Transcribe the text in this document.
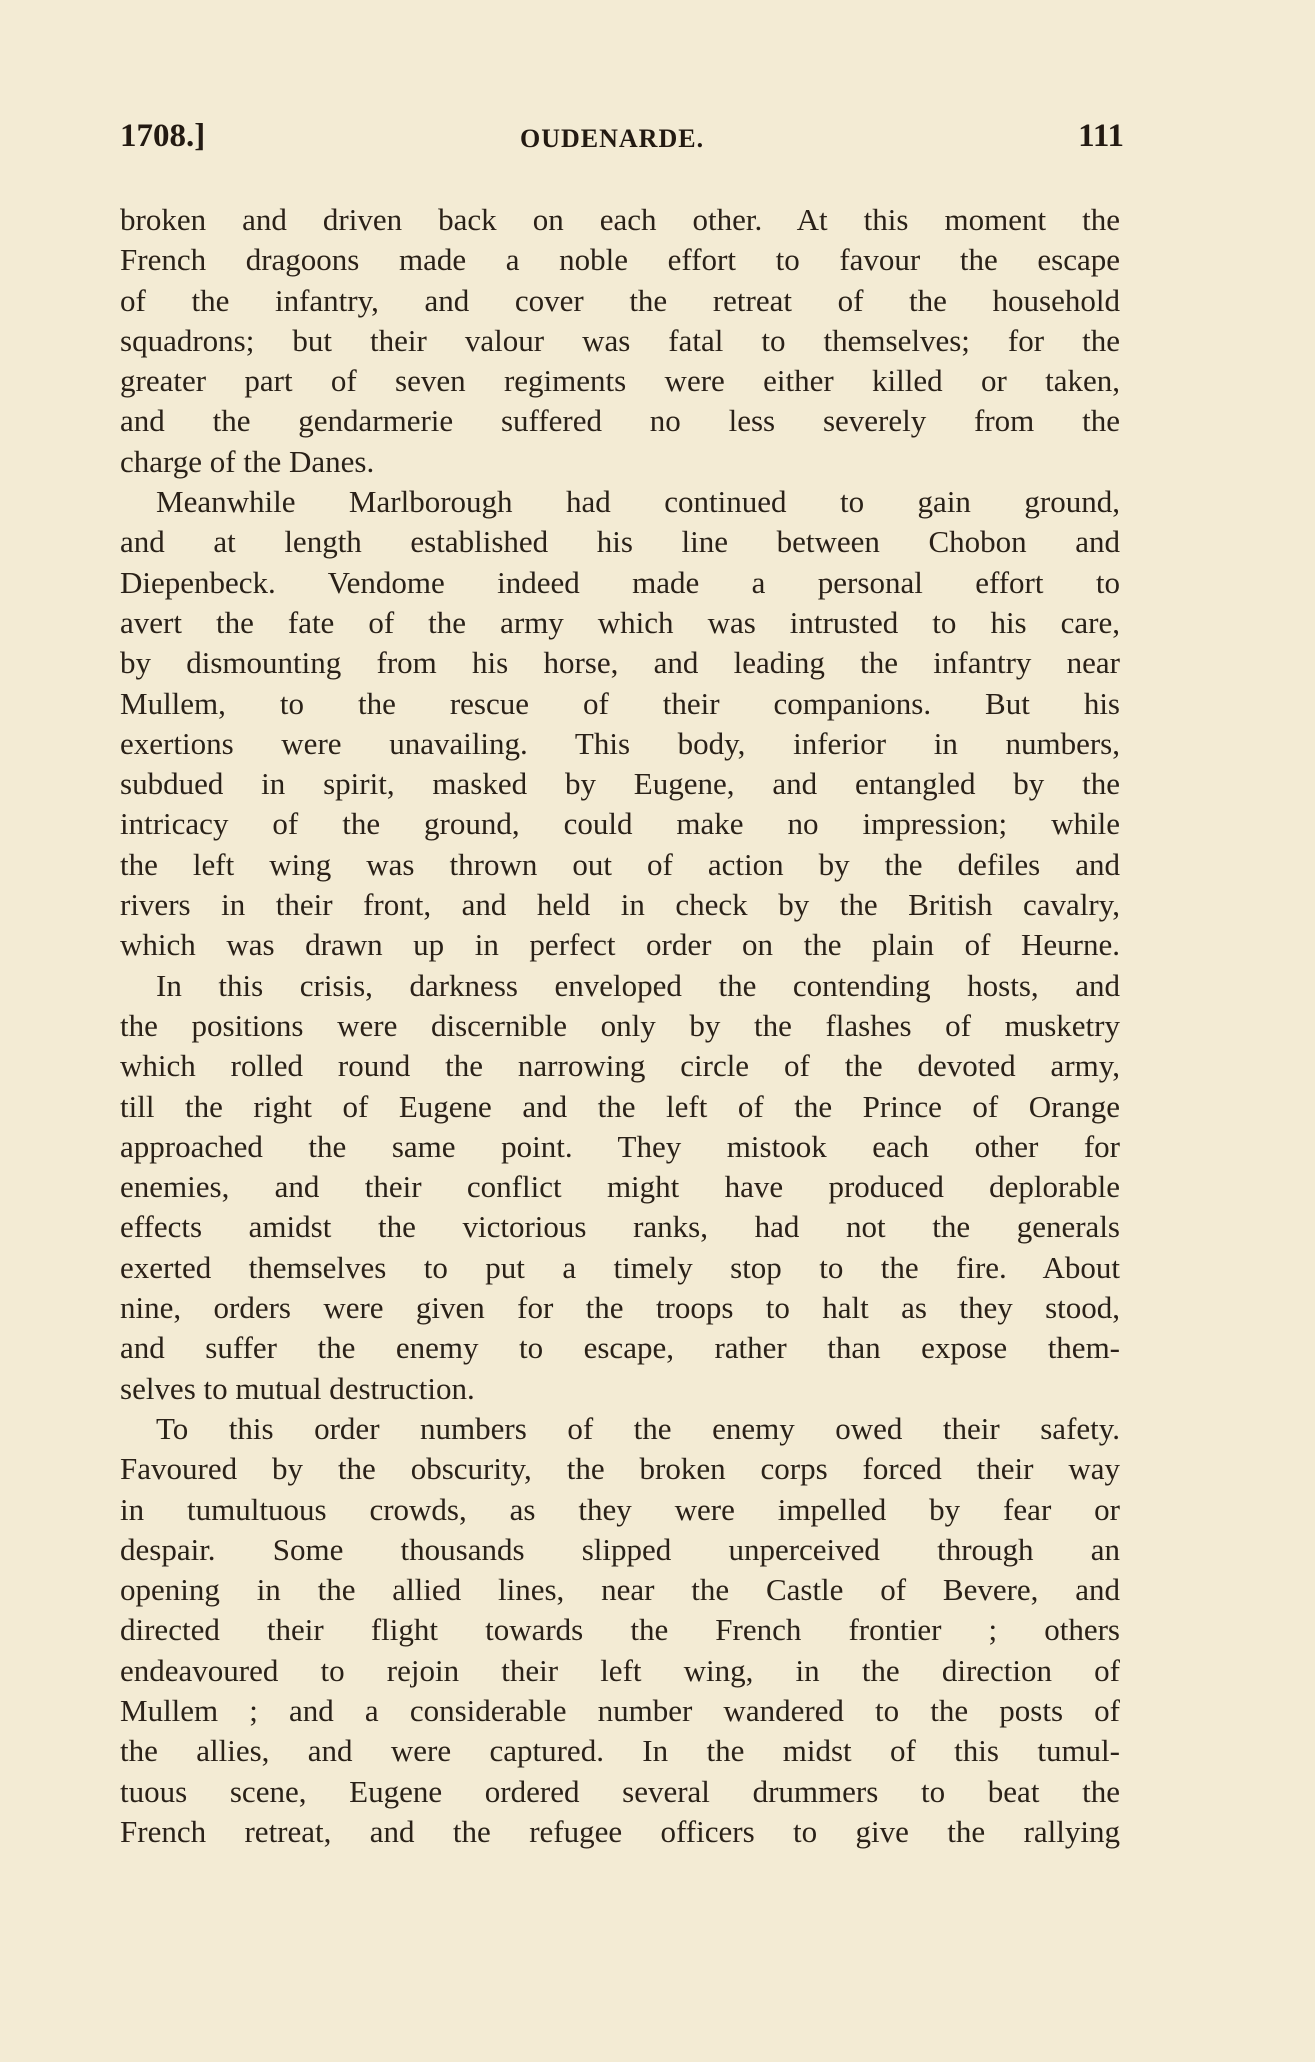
1708.]	OUDENARDE.	111
broken and driven back on each other. At this moment the
French dragoons made a noble effort to favour the escape
of the infantry, and cover the retreat of the household
squadrons; but their valour was fatal to themselves; for the
greater part of seven regiments were either killed or taken,
and the gendarmerie suffered no less severely from the
charge of the Danes.
Meanwhile Marlborough had continued to gain ground,
and at length established his line between Chobon and
Diepenbeck. Vendome indeed made a personal effort to
avert the fate of the army which was intrusted to his care,
by dismounting from his horse, and leading the infantry near
Mullem, to the rescue of their companions. But his
exertions were unavailing. This body, inferior in numbers,
subdued in spirit, masked by Eugene, and entangled by the
intricacy of the ground, could make no impression; while
the left wing was thrown out of action by the defiles and
rivers in their front, and held in check by the British cavalry,
which was drawn up in perfect order on the plain of Heurne.
In this crisis, darkness enveloped the contending hosts, and
the positions were discernible only by the flashes of musketry
which rolled round the narrowing circle of the devoted army,
till the right of Eugene and the left of the Prince of Orange
approached the same point. They mistook each other for
enemies, and their conflict might have produced deplorable
effects amidst the victorious ranks, had not the generals
exerted themselves to put a timely stop to the fire. About
nine, orders were given for the troops to halt as they stood,
and suffer the enemy to escape, rather than expose them-
selves to mutual destruction.
To this order numbers of the enemy owed their safety.
Favoured by the obscurity, the broken corps forced their way
in tumultuous crowds, as they were impelled by fear or
despair. Some thousands slipped unperceived through an
opening in the allied lines, near the Castle of Bevere, and
directed their flight towards the French frontier ; others
endeavoured to rejoin their left wing, in the direction of
Mullem ; and a considerable number wandered to the posts of
the allies, and were captured. In the midst of this tumul-
tuous scene, Eugene ordered several drummers to beat the
French retreat, and the refugee officers to give the rallying
